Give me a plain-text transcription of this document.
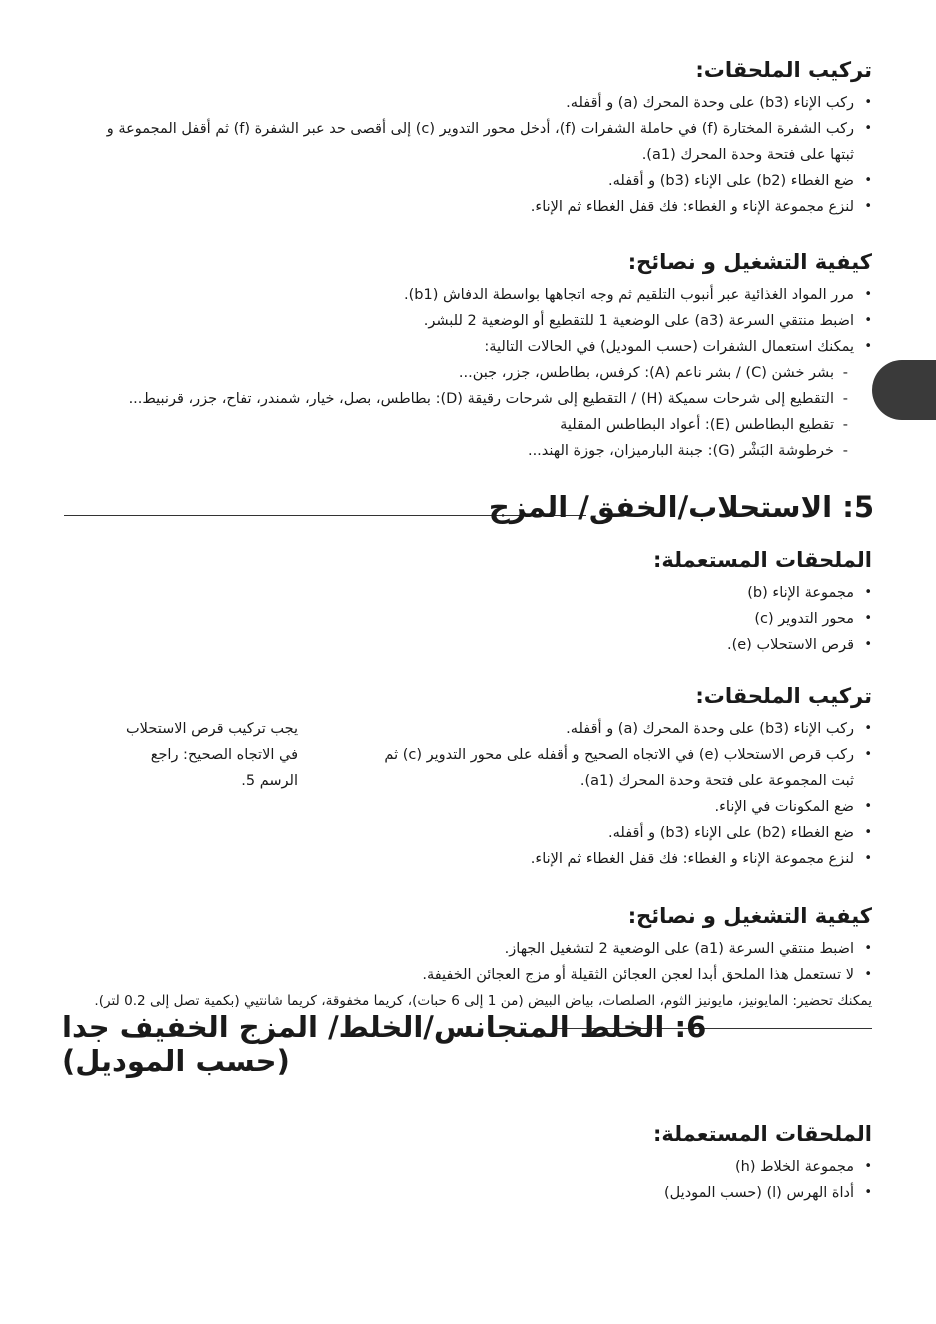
تركيب الملحقات:
• ركب الإناء (b3) على وحدة المحرك (a) و أقفله.
• ركب الشفرة المختارة (f) في حاملة الشفرات (f)، أدخل محور التدوير (c) إلى أقصى حد عبر الشفرة (f) ثم أقفل المجموعة و ثبتها على فتحة وحدة المحرك (a1).
• ضع الغطاء (b2) على الإناء (b3) و أقفله.
• لنزع مجموعة الإناء و الغطاء: فك قفل الغطاء ثم الإناء.
كيفية التشغيل و نصائح:
• مرر المواد الغذائية عبر أنبوب التلقيم ثم وجه اتجاهها بواسطة الدفاش (b1).
• اضبط منتقي السرعة (a3) على الوضعية 1 للتقطيع أو الوضعية 2 للبشر.
• يمكنك استعمال الشفرات (حسب الموديل) في الحالات التالية:
- بشر خشن (C) / بشر ناعم (A): كرفس، بطاطس، جزر، جبن...
- التقطيع إلى شرحات سميكة (H) / التقطيع إلى شرحات رقيقة (D): بطاطس، بصل، خيار، شمندر، تفاح، جزر، قرنبيط...
- تقطيع البطاطس (E): أعواد البطاطس المقلية
- خرطوشة البَشْر (G): جبنة البارميزان، جوزة الهند...
5: الاستحلاب/الخفق/ المزج
الملحقات المستعملة:
• مجموعة الإناء (b)
• محور التدوير (c)
• قرص الاستحلاب (e).
تركيب الملحقات:
• ركب الإناء (b3) على وحدة المحرك (a) و أقفله.
• ركب قرص الاستحلاب (e) في الاتجاه الصحيح و أقفله على محور التدوير (c) ثم ثبت المجموعة على فتحة وحدة المحرك (a1).
• ضع المكونات في الإناء.
• ضع الغطاء (b2) على الإناء (b3) و أقفله.
• لنزع مجموعة الإناء و الغطاء: فك قفل الغطاء ثم الإناء.
يجب تركيب قرص الاستحلاب في الاتجاه الصحيح: راجع الرسم 5.
كيفية التشغيل و نصائح:
• اضبط منتقي السرعة (a1) على الوضعية 2 لتشغيل الجهاز.
• لا تستعمل هذا الملحق أبدا لعجن العجائن الثقيلة أو مزج العجائن الخفيفة.
يمكنك تحضير: المايونيز، مايونيز الثوم، الصلصات، بياض البيض (من 1 إلى 6 حبات)، كريما مخفوقة، كريما شانتيي (بكمية تصل إلى 0.2 لتر).
6: الخلط المتجانس/الخلط/ المزج الخفيف جدا
(حسب الموديل)
الملحقات المستعملة:
• مجموعة الخلاط (h)
• أداة الهرس (l) (حسب الموديل)
